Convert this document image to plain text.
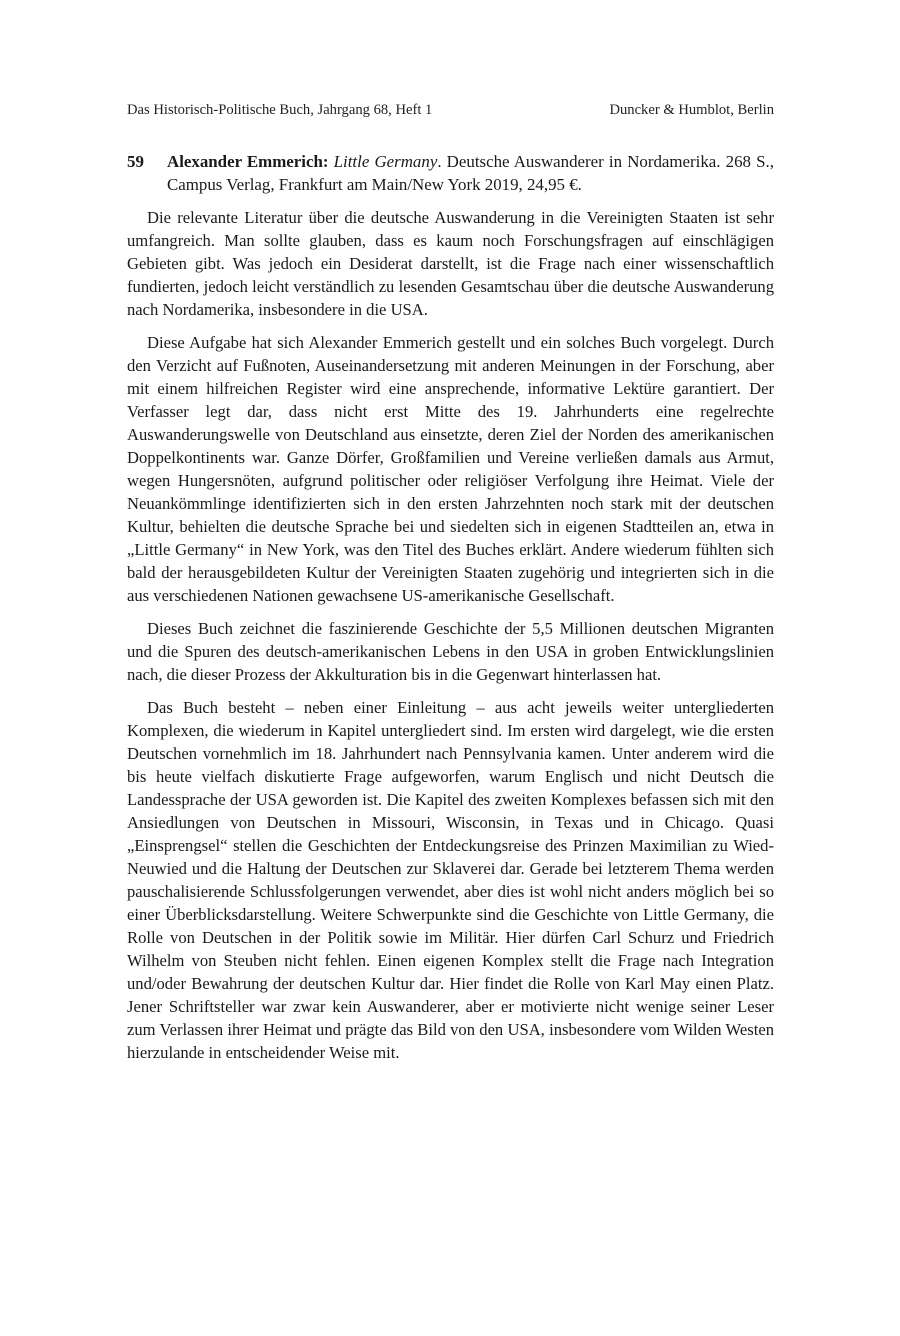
Das Historisch-Politische Buch, Jahrgang 68, Heft 1	Duncker & Humblot, Berlin
59	Alexander Emmerich: Little Germany. Deutsche Auswanderer in Nordamerika. 268 S., Campus Verlag, Frankfurt am Main/New York 2019, 24,95 €.

Die relevante Literatur über die deutsche Auswanderung in die Vereinigten Staaten ist sehr umfangreich. Man sollte glauben, dass es kaum noch Forschungsfragen auf einschlägigen Gebieten gibt. Was jedoch ein Desiderat darstellt, ist die Frage nach einer wissenschaftlich fundierten, jedoch leicht verständlich zu lesenden Gesamtschau über die deutsche Auswanderung nach Nordamerika, insbesondere in die USA.

Diese Aufgabe hat sich Alexander Emmerich gestellt und ein solches Buch vorgelegt. Durch den Verzicht auf Fußnoten, Auseinandersetzung mit anderen Meinungen in der Forschung, aber mit einem hilfreichen Register wird eine ansprechende, informative Lektüre garantiert. Der Verfasser legt dar, dass nicht erst Mitte des 19. Jahrhunderts eine regelrechte Auswanderungswelle von Deutschland aus einsetzte, deren Ziel der Norden des amerikanischen Doppelkontinents war. Ganze Dörfer, Großfamilien und Vereine verließen damals aus Armut, wegen Hungersnöten, aufgrund politischer oder religiöser Verfolgung ihre Heimat. Viele der Neuankömmlinge identifizierten sich in den ersten Jahrzehnten noch stark mit der deutschen Kultur, behielten die deutsche Sprache bei und siedelten sich in eigenen Stadtteilen an, etwa in „Little Germany“ in New York, was den Titel des Buches erklärt. Andere wiederum fühlten sich bald der herausgebildeten Kultur der Vereinigten Staaten zugehörig und integrierten sich in die aus verschiedenen Nationen gewachsene US-amerikanische Gesellschaft.

Dieses Buch zeichnet die faszinierende Geschichte der 5,5 Millionen deutschen Migranten und die Spuren des deutsch-amerikanischen Lebens in den USA in groben Entwicklungslinien nach, die dieser Prozess der Akkulturation bis in die Gegenwart hinterlassen hat.

Das Buch besteht – neben einer Einleitung – aus acht jeweils weiter untergliederten Komplexen, die wiederum in Kapitel untergliedert sind. Im ersten wird dargelegt, wie die ersten Deutschen vornehmlich im 18. Jahrhundert nach Pennsylvania kamen. Unter anderem wird die bis heute vielfach diskutierte Frage aufgeworfen, warum Englisch und nicht Deutsch die Landessprache der USA geworden ist. Die Kapitel des zweiten Komplexes befassen sich mit den Ansiedlungen von Deutschen in Missouri, Wisconsin, in Texas und in Chicago. Quasi „Einsprengsel“ stellen die Geschichten der Entdeckungsreise des Prinzen Maximilian zu Wied-Neuwied und die Haltung der Deutschen zur Sklaverei dar. Gerade bei letzterem Thema werden pauschalisierende Schlussfolgerungen verwendet, aber dies ist wohl nicht anders möglich bei so einer Überblicksdarstellung. Weitere Schwerpunkte sind die Geschichte von Little Germany, die Rolle von Deutschen in der Politik sowie im Militär. Hier dürfen Carl Schurz und Friedrich Wilhelm von Steuben nicht fehlen. Einen eigenen Komplex stellt die Frage nach Integration und/oder Bewahrung der deutschen Kultur dar. Hier findet die Rolle von Karl May einen Platz. Jener Schriftsteller war zwar kein Auswanderer, aber er motivierte nicht wenige seiner Leser zum Verlassen ihrer Heimat und prägte das Bild von den USA, insbesondere vom Wilden Westen hierzulande in entscheidender Weise mit.
